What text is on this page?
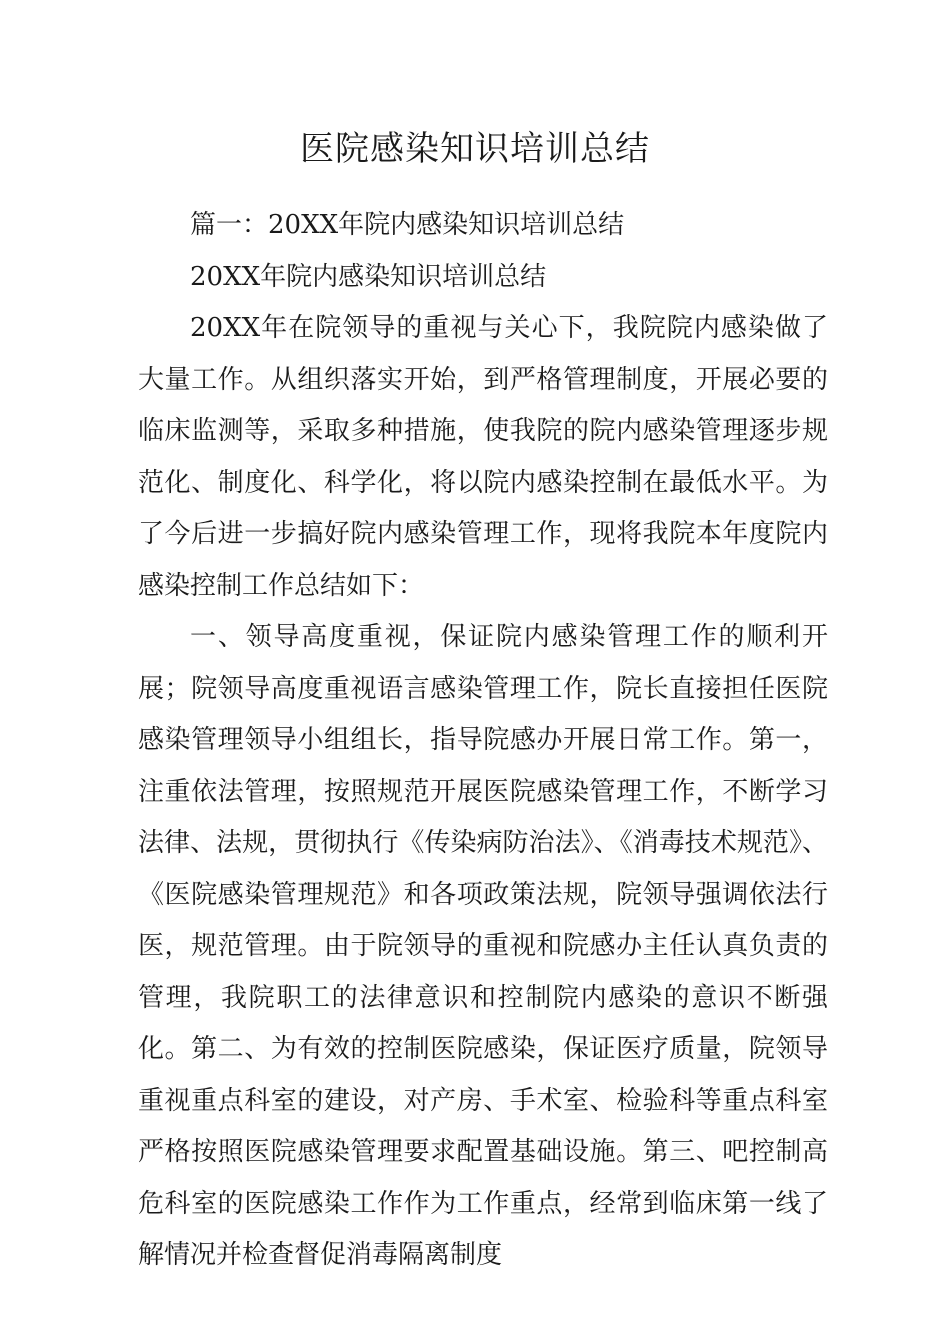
医院感染知识培训总结

篇一：20XX年院内感染知识培训总结

20XX年院内感染知识培训总结

20XX年在院领导的重视与关心下，我院院内感染做了大量工作。从组织落实开始，到严格管理制度，开展必要的临床监测等，采取多种措施，使我院的院内感染管理逐步规范化、制度化、科学化，将以院内感染控制在最低水平。为了今后进一步搞好院内感染管理工作，现将我院本年度院内感染控制工作总结如下：

一、领导高度重视，保证院内感染管理工作的顺利开展；院领导高度重视语言感染管理工作，院长直接担任医院感染管理领导小组组长，指导院感办开展日常工作。第一，注重依法管理，按照规范开展医院感染管理工作，不断学习法律、法规，贯彻执行《传染病防治法》、《消毒技术规范》、《医院感染管理规范》和各项政策法规，院领导强调依法行医，规范管理。由于院领导的重视和院感办主任认真负责的管理，我院职工的法律意识和控制院内感染的意识不断强化。第二、为有效的控制医院感染，保证医疗质量，院领导重视重点科室的建设，对产房、手术室、检验科等重点科室严格按照医院感染管理要求配置基础设施。第三、吧控制高危科室的医院感染工作作为工作重点，经常到临床第一线了解情况并检查督促消毒隔离制度
